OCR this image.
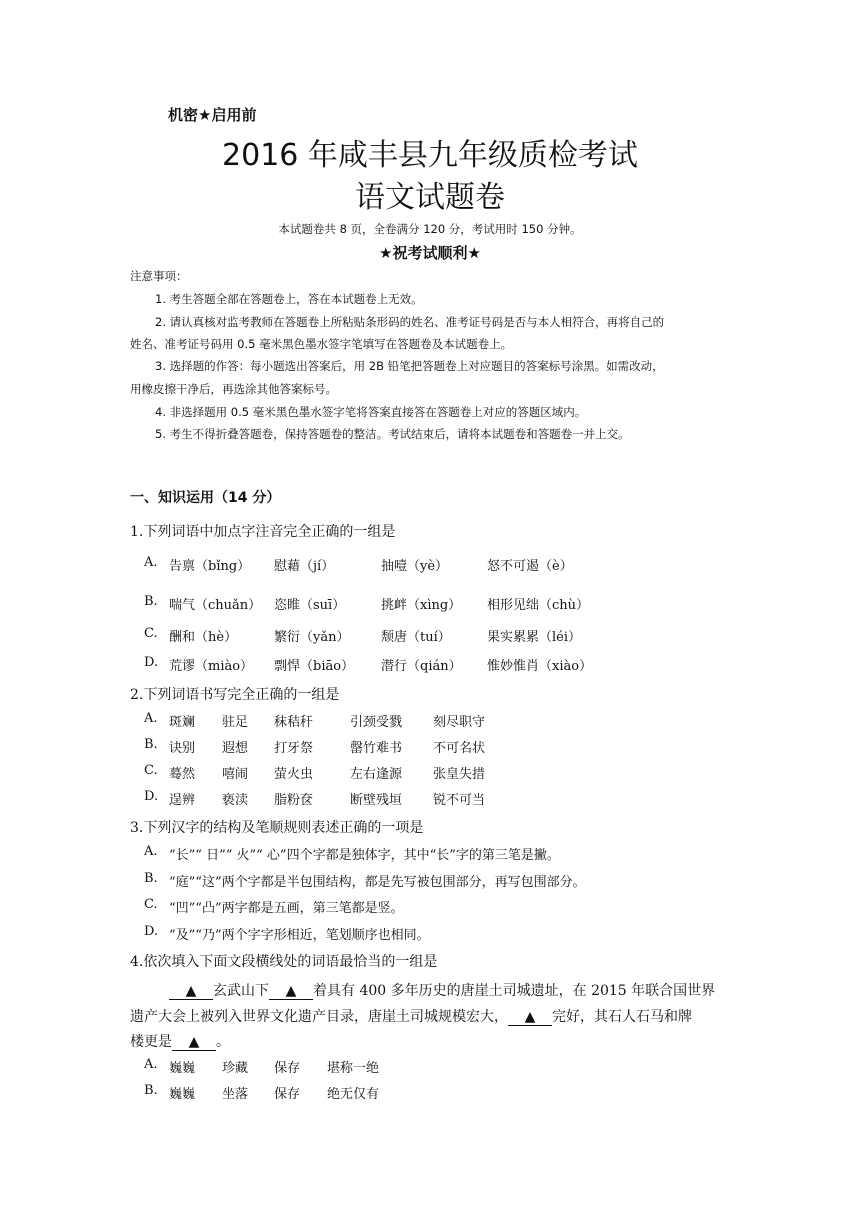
机密★启用前
2016 年咸丰县九年级质检考试
语文试题卷
本试题卷共 8 页，全卷满分 120 分，考试用时 150 分钟。
★祝考试顺利★
注意事项：
1. 考生答题全部在答题卷上，答在本试题卷上无效。
2. 请认真核对监考教师在答题卷上所粘贴条形码的姓名、准考证号码是否与本人相符合，再将自己的
姓名、准考证号码用 0.5 毫米黑色墨水签字笔填写在答题卷及本试题卷上。
3. 选择题的作答：每小题选出答案后，用 2B 铅笔把答题卷上对应题目的答案标号涂黑。如需改动，
用橡皮擦干净后，再选涂其他答案标号。
4. 非选择题用 0.5 毫米黑色墨水签字笔将答案直接答在答题卷上对应的答题区域内。
5. 考生不得折叠答题卷，保持答题卷的整洁。考试结束后，请将本试题卷和答题卷一并上交。
一、知识运用（14 分）
1.下列词语中加点字注音完全正确的一组是
A. 告禀（bǐng） 慰藉（jí）	抽噎（yè）	怒不可遏（è）
B. 喘气（chuǎn） 恣睢（suī）	挑衅（xìng） 相形见绌（chù）
C. 酬和（hè）	繁衍（yǎn） 颓唐（tuí）	果实累累（léi）
D. 荒谬（miào） 剽悍（biāo） 潜行（qián） 惟妙惟肖（xiào）
2.下列词语书写完全正确的一组是
A. 斑斓 驻足 秣秸秆	引颈受戮 刻尽职守
B. 诀别 遐想 打牙祭	罄竹难书 不可名状
C. 蓦然 嘻闹 萤火虫	左右逢源 张皇失措
D. 逞辨 亵渎 脂粉奁	断壁残垣 锐不可当
3.下列汉字的结构及笔顺规则表述正确的一项是
A. “长”“ 日”“ 火”“ 心”四个字都是独体字，其中“长”字的第三笔是撇。
B. “庭”“这”两个字都是半包围结构，都是先写被包围部分，再写包围部分。
C. “凹”“凸”两字都是五画，第三笔都是竖。
D. “及”“乃”两个字字形相近，笔划顺序也相同。
4.依次填入下面文段横线处的词语最恰当的一组是
▲ 玄武山下 ▲ 着具有 400 多年历史的唐崖土司城遗址，在 2015 年联合国世界
遗产大会上被列入世界文化遗产目录，唐崖土司城规模宏大， ▲ 完好，其石人石马和牌
楼更是 ▲ 。
A. 巍巍 珍藏 保存 堪称一绝
B. 巍巍 坐落 保存 绝无仅有
